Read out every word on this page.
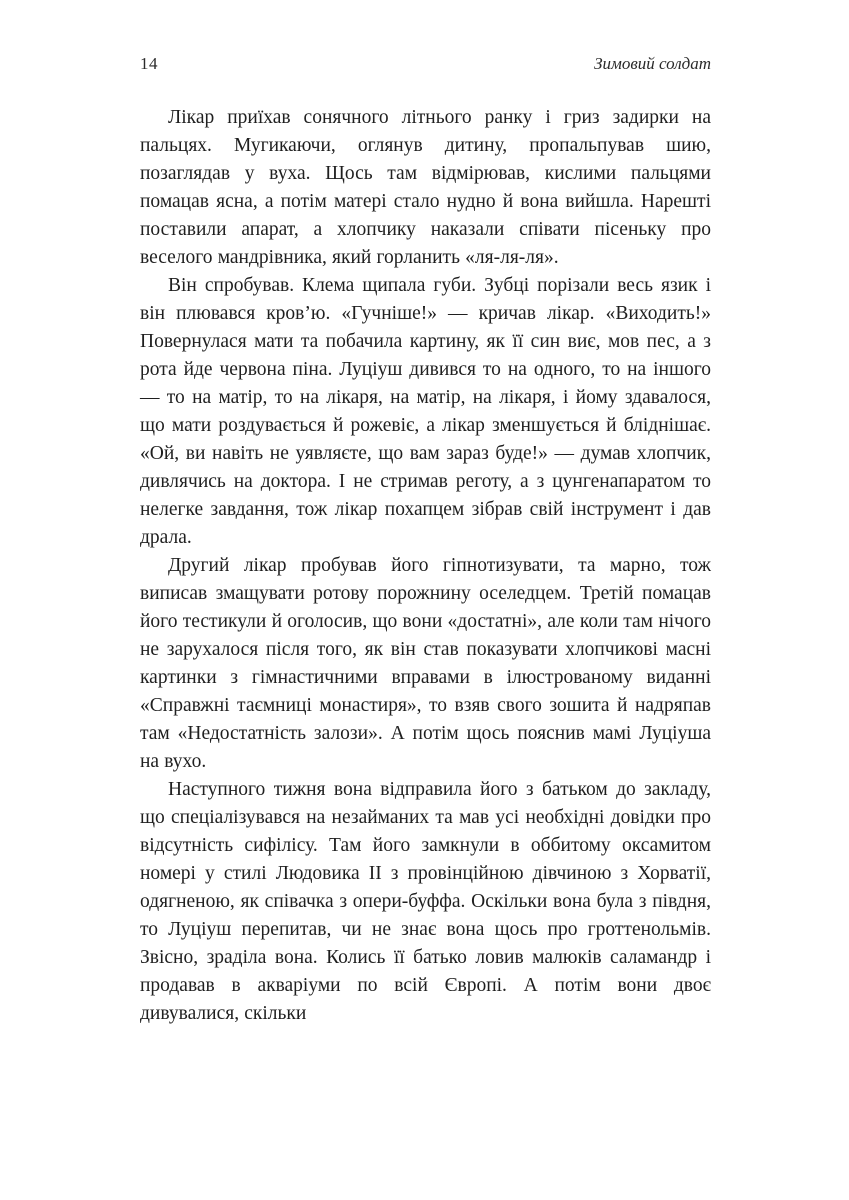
14	Зимовий солдат

Лікар приїхав сонячного літнього ранку і гриз задирки на пальцях. Мугикаючи, оглянув дитину, пропальпував шию, позаглядав у вуха. Щось там відмірював, кислими пальцями помацав ясна, а потім матері стало нудно й вона вийшла. Нарешті поставили апарат, а хлопчику наказали співати пісеньку про веселого мандрівника, який горланить «ля-ля-ля».

Він спробував. Клема щипала губи. Зубці порізали весь язик і він плювався кров’ю. «Гучніше!» — кричав лікар. «Виходить!» Повернулася мати та побачила картину, як її син виє, мов пес, а з рота йде червона піна. Луціуш дивився то на одного, то на іншого — то на матір, то на лікаря, на матір, на лікаря, і йому здавалося, що мати роздувається й рожевіє, а лікар зменшується й бліднішає. «Ой, ви навіть не уявляєте, що вам зараз буде!» — думав хлопчик, дивлячись на доктора. І не стримав реготу, а з цунгенапаратом то нелегке завдання, тож лікар похапцем зібрав свій інструмент і дав драла.

Другий лікар пробував його гіпнотизувати, та марно, тож виписав змащувати ротову порожнину оселедцем. Третій помацав його тестикули й оголосив, що вони «достатні», але коли там нічого не зарухалося після того, як він став показувати хлопчикові масні картинки з гімнастичними вправами в ілюстрованому виданні «Справжні таємниці монастиря», то взяв свого зошита й надряпав там «Недостатність залози». А потім щось пояснив мамі Луціуша на вухо.

Наступного тижня вона відправила його з батьком до закладу, що спеціалізувався на незайманих та мав усі необхідні довідки про відсутність сифілісу. Там його замкнули в оббитому оксамитом номері у стилі Людовика II з провінційною дівчиною з Хорватії, одягненою, як співачка з опери-буффа. Оскільки вона була з півдня, то Луціуш перепитав, чи не знає вона щось про гроттенольмів. Звісно, зраділа вона. Колись її батько ловив малюків саламандр і продавав в акваріуми по всій Європі. А потім вони двоє дивувалися, скільки
